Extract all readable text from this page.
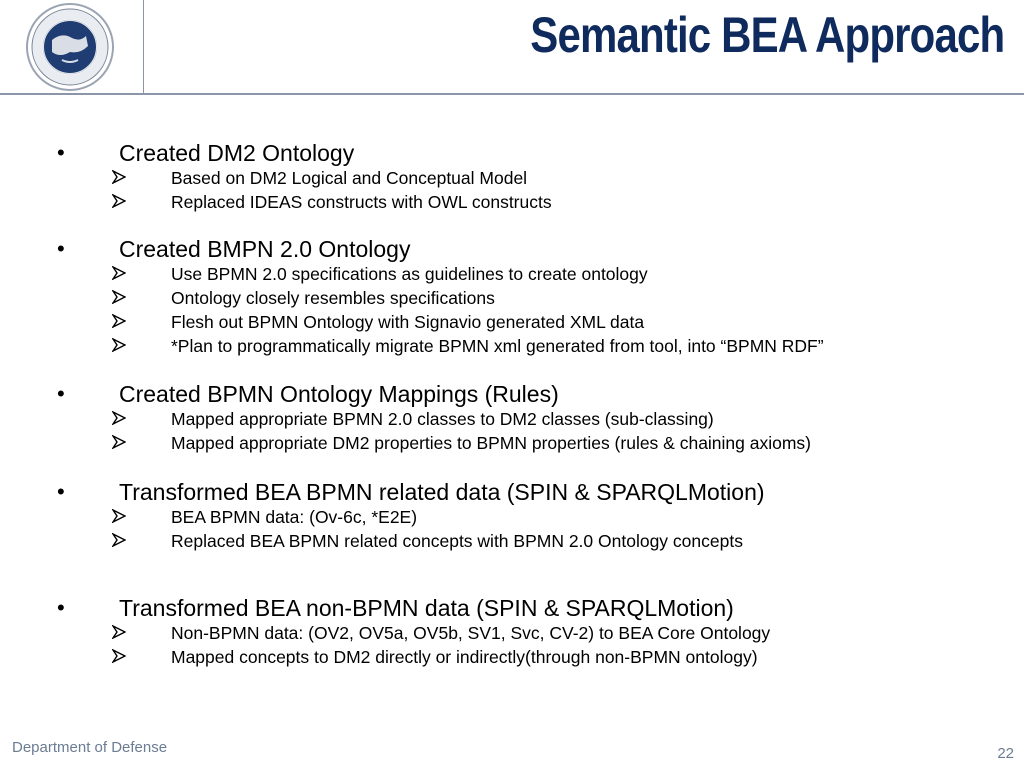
Semantic BEA Approach
• Created DM2 Ontology
Based on DM2 Logical and Conceptual Model
Replaced IDEAS constructs with OWL constructs
• Created BMPN 2.0 Ontology
Use BPMN 2.0 specifications as guidelines to create ontology
Ontology closely resembles specifications
Flesh out BPMN Ontology with Signavio generated XML data
*Plan to programmatically migrate BPMN xml generated from tool, into “BPMN RDF”
• Created BPMN Ontology Mappings (Rules)
Mapped appropriate BPMN 2.0 classes to DM2 classes (sub-classing)
Mapped appropriate DM2 properties to BPMN properties (rules & chaining axioms)
• Transformed BEA BPMN related data (SPIN & SPARQLMotion)
BEA BPMN data: (Ov-6c, *E2E)
Replaced BEA BPMN related concepts with BPMN 2.0 Ontology concepts
• Transformed BEA non-BPMN data (SPIN & SPARQLMotion)
Non-BPMN data: (OV2, OV5a, OV5b, SV1, Svc, CV-2) to BEA Core Ontology
Mapped concepts to DM2 directly or indirectly(through non-BPMN ontology)
Department of Defense	22
